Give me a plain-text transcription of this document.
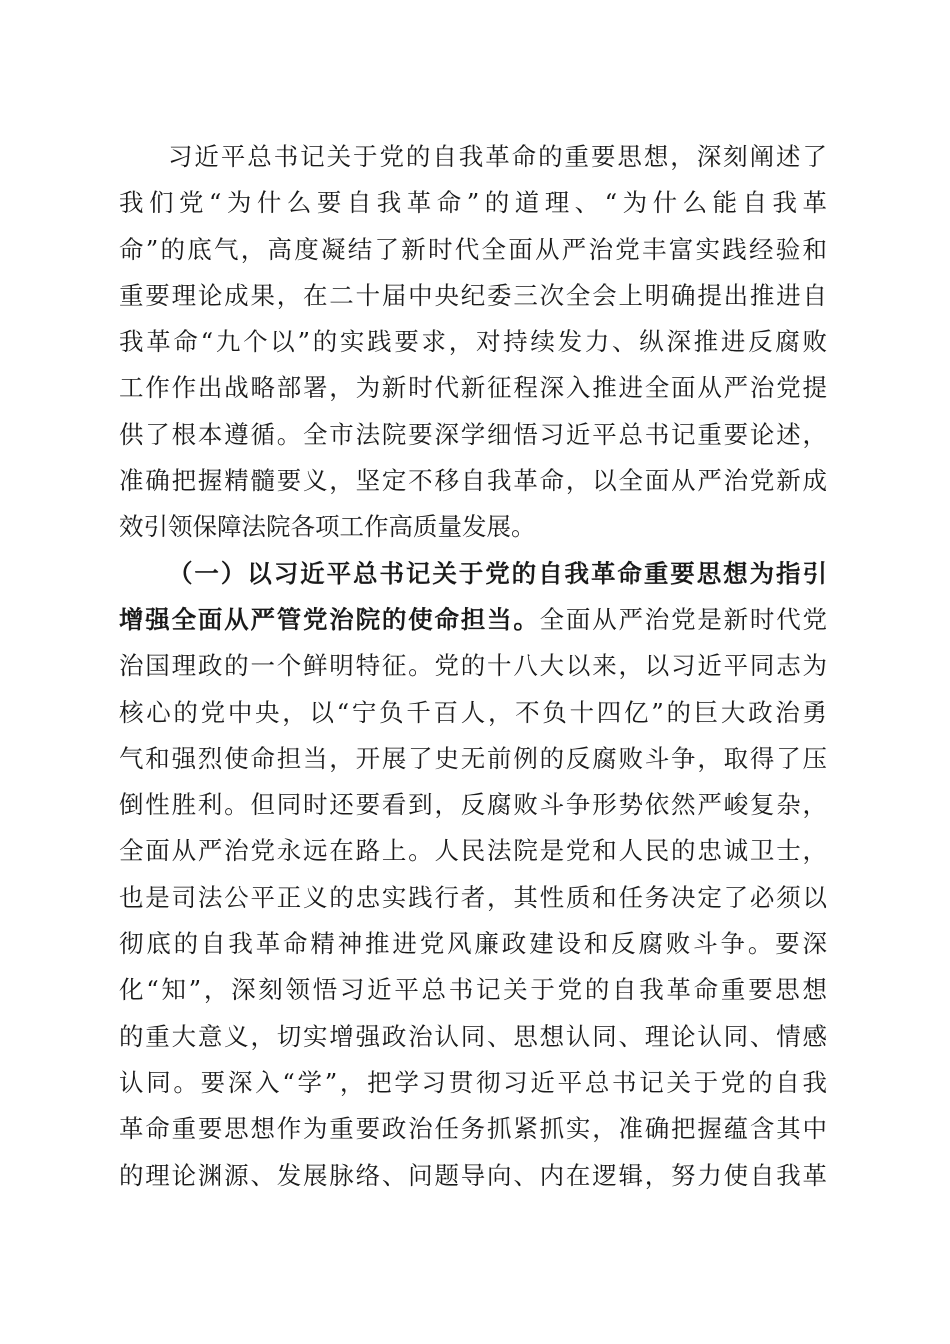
习近平总书记关于党的自我革命的重要思想，深刻阐述了
我们党“为什么要自我革命”的道理、“为什么能自我革
命”的底气，高度凝结了新时代全面从严治党丰富实践经验和
重要理论成果，在二十届中央纪委三次全会上明确提出推进自
我革命“九个以”的实践要求，对持续发力、纵深推进反腐败
工作作出战略部署，为新时代新征程深入推进全面从严治党提
供了根本遵循。全市法院要深学细悟习近平总书记重要论述，
准确把握精髓要义，坚定不移自我革命，以全面从严治党新成
效引领保障法院各项工作高质量发展。
（一）以习近平总书记关于党的自我革命重要思想为指引
增强全面从严管党治院的使命担当。全面从严治党是新时代党
治国理政的一个鲜明特征。党的十八大以来，以习近平同志为
核心的党中央，以“宁负千百人，不负十四亿”的巨大政治勇
气和强烈使命担当，开展了史无前例的反腐败斗争，取得了压
倒性胜利。但同时还要看到，反腐败斗争形势依然严峻复杂，
全面从严治党永远在路上。人民法院是党和人民的忠诚卫士，
也是司法公平正义的忠实践行者，其性质和任务决定了必须以
彻底的自我革命精神推进党风廉政建设和反腐败斗争。要深
化“知”，深刻领悟习近平总书记关于党的自我革命重要思想
的重大意义，切实增强政治认同、思想认同、理论认同、情感
认同。要深入“学”，把学习贯彻习近平总书记关于党的自我
革命重要思想作为重要政治任务抓紧抓实，准确把握蕴含其中
的理论渊源、发展脉络、问题导向、内在逻辑，努力使自我革
